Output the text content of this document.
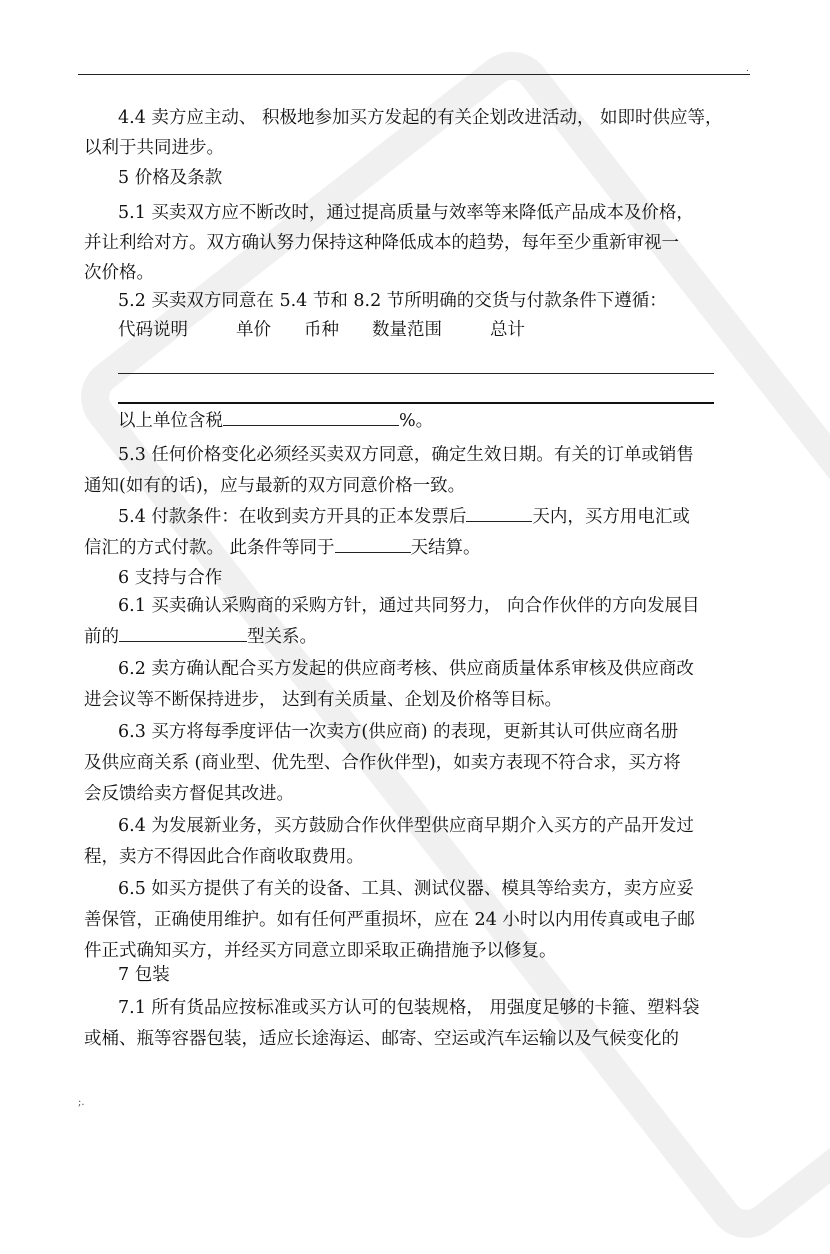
.
4.4 卖方应主动、 积极地参加买方发起的有关企划改进活动， 如即时供应等，
以利于共同进步。
5 价格及条款
5.1 买卖双方应不断改时，通过提高质量与效率等来降低产品成本及价格，
并让利给对方。双方确认努力保持这种降低成本的趋势，每年至少重新审视一
次价格。
5.2 买卖双方同意在 5.4 节和 8.2 节所明确的交货与付款条件下遵循：
代码说明	单价 币种 数量范围	总计
以上单位含税	%。
5.3 任何价格变化必须经买卖双方同意，确定生效日期。有关的订单或销售
通知(如有的话)，应与最新的双方同意价格一致。
5.4 付款条件：在收到卖方开具的正本发票后	天内，买方用电汇或
信汇的方式付款。 此条件等同于	天结算。
6 支持与合作
6.1 买卖确认采购商的采购方针，通过共同努力， 向合作伙伴的方向发展目
前的	型关系。
6.2 卖方确认配合买方发起的供应商考核、供应商质量体系审核及供应商改
进会议等不断保持进步， 达到有关质量、企划及价格等目标。
6.3 买方将每季度评估一次卖方(供应商) 的表现，更新其认可供应商名册
及供应商关系 (商业型、优先型、合作伙伴型)，如卖方表现不符合求，买方将
会反馈给卖方督促其改进。
6.4 为发展新业务，买方鼓励合作伙伴型供应商早期介入买方的产品开发过
程，卖方不得因此合作商收取费用。
6.5 如买方提供了有关的设备、工具、测试仪器、模具等给卖方，卖方应妥
善保管，正确使用维护。如有任何严重损坏，应在 24 小时以内用传真或电子邮
件正式确知买方，并经买方同意立即采取正确措施予以修复。
7 包装
7.1 所有货品应按标准或买方认可的包装规格， 用强度足够的卡箍、塑料袋
或桶、瓶等容器包装，适应长途海运、邮寄、空运或汽车运输以及气候变化的
;.
